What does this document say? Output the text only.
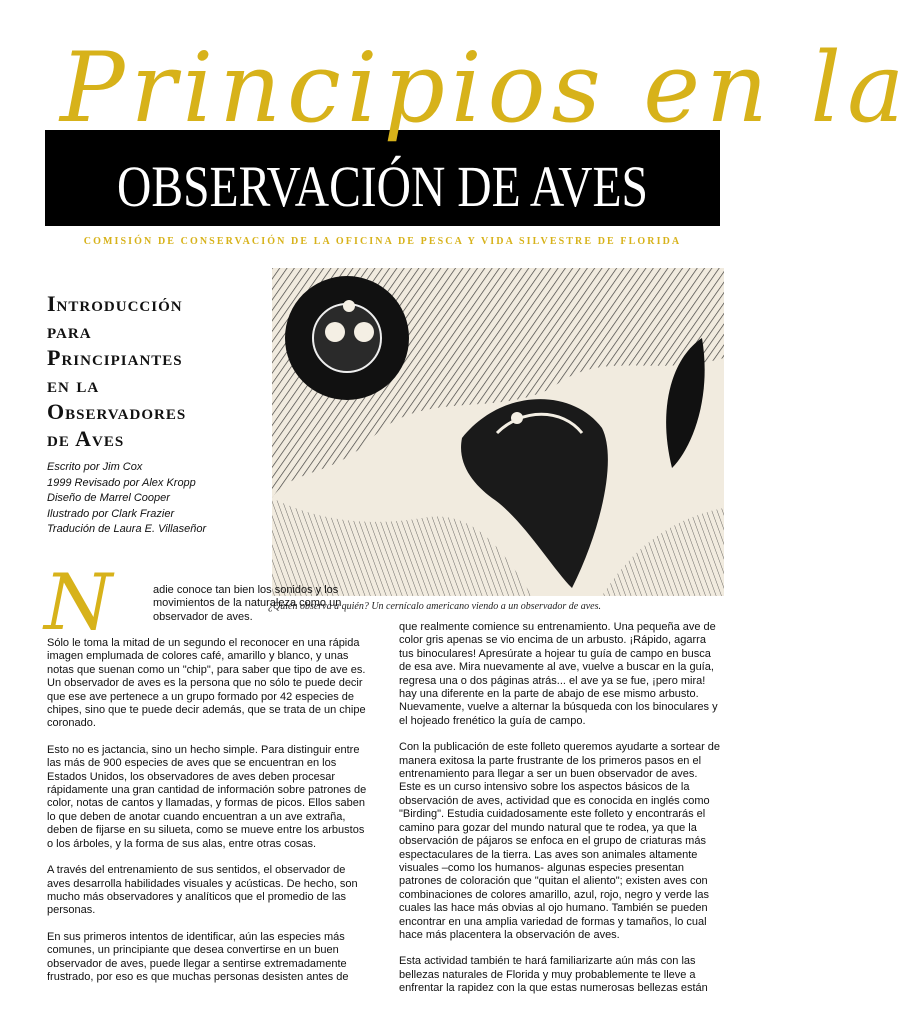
Principios en la
OBSERVACIÓN DE AVES
COMISIÓN DE CONSERVACIÓN DE LA OFICINA DE PESCA Y VIDA SILVESTRE DE FLORIDA
Introducción
para
Principiantes
en la
Observadores
de Aves
Escrito por Jim Cox
1999 Revisado por Alex Kropp
Diseño de Marrel Cooper
Ilustrado por Clark Frazier
Tradución de Laura E. Villaseñor
¿Quién observa a quién? Un cernícalo americano viendo a un observador de aves.
N	adie conoce tan bien los sonidos y los movimientos de la naturaleza como un observador de aves.

Sólo le toma la mitad de un segundo el reconocer en una rápida imagen emplumada de colores café, amarillo y blanco, y unas notas que suenan como un "chip", para saber que tipo de ave es. Un observador de aves es la persona que no sólo te puede decir que ese ave pertenece a un grupo formado por 42 especies de chipes, sino que te puede decir además, que se trata de un chipe coronado.

Esto no es jactancia, sino un hecho simple. Para distinguir entre las más de 900 especies de aves que se encuentran en los Estados Unidos, los observadores de aves deben procesar rápidamente una gran cantidad de información sobre patrones de color, notas de cantos y llamadas, y formas de picos. Ellos saben lo que deben de anotar cuando encuentran a un ave extraña, deben de fijarse en su silueta, como se mueve entre los arbustos o los árboles, y la forma de sus alas, entre otras cosas.

A través del entrenamiento de sus sentidos, el observador de aves desarrolla habilidades visuales y acústicas. De hecho, son mucho más observadores y analíticos que el promedio de las personas.

En sus primeros intentos de identificar, aún las especies más comunes, un principiante que desea convertirse en un buen observador de aves, puede llegar a sentirse extremadamente frustrado, por eso es que muchas personas desisten antes de

que realmente comience su entrenamiento. Una pequeña ave de color gris apenas se vio encima de un arbusto. ¡Rápido, agarra tus binoculares! Apresúrate a hojear tu guía de campo en busca de esa ave. Mira nuevamente al ave, vuelve a buscar en la guía, regresa una o dos páginas atrás... el ave ya se fue, ¡pero mira! hay una diferente en la parte de abajo de ese mismo arbusto. Nuevamente, vuelve a alternar la búsqueda con los binoculares y el hojeado frenético la guía de campo.

Con la publicación de este folleto queremos ayudarte a sortear de manera exitosa la parte frustrante de los primeros pasos en el entrenamiento para llegar a ser un buen observador de aves. Este es un curso intensivo sobre los aspectos básicos de la observación de aves, actividad que es conocida en inglés como "Birding". Estudia cuidadosamente este folleto y encontrarás el camino para gozar del mundo natural que te rodea, ya que la observación de pájaros se enfoca en el grupo de criaturas más espectaculares de la tierra. Las aves son animales altamente visuales –como los humanos- algunas especies presentan patrones de coloración que "quitan el aliento"; existen aves con combinaciones de colores amarillo, azul, rojo, negro y verde las cuales las hace más obvias al ojo humano. También se pueden encontrar en una amplia variedad de formas y tamaños, lo cual hace más placentera la observación de aves.

Esta actividad también te hará familiarizarte aún más con las bellezas naturales de Florida y muy probablemente te lleve a enfrentar la rapidez con la que estas numerosas bellezas están
